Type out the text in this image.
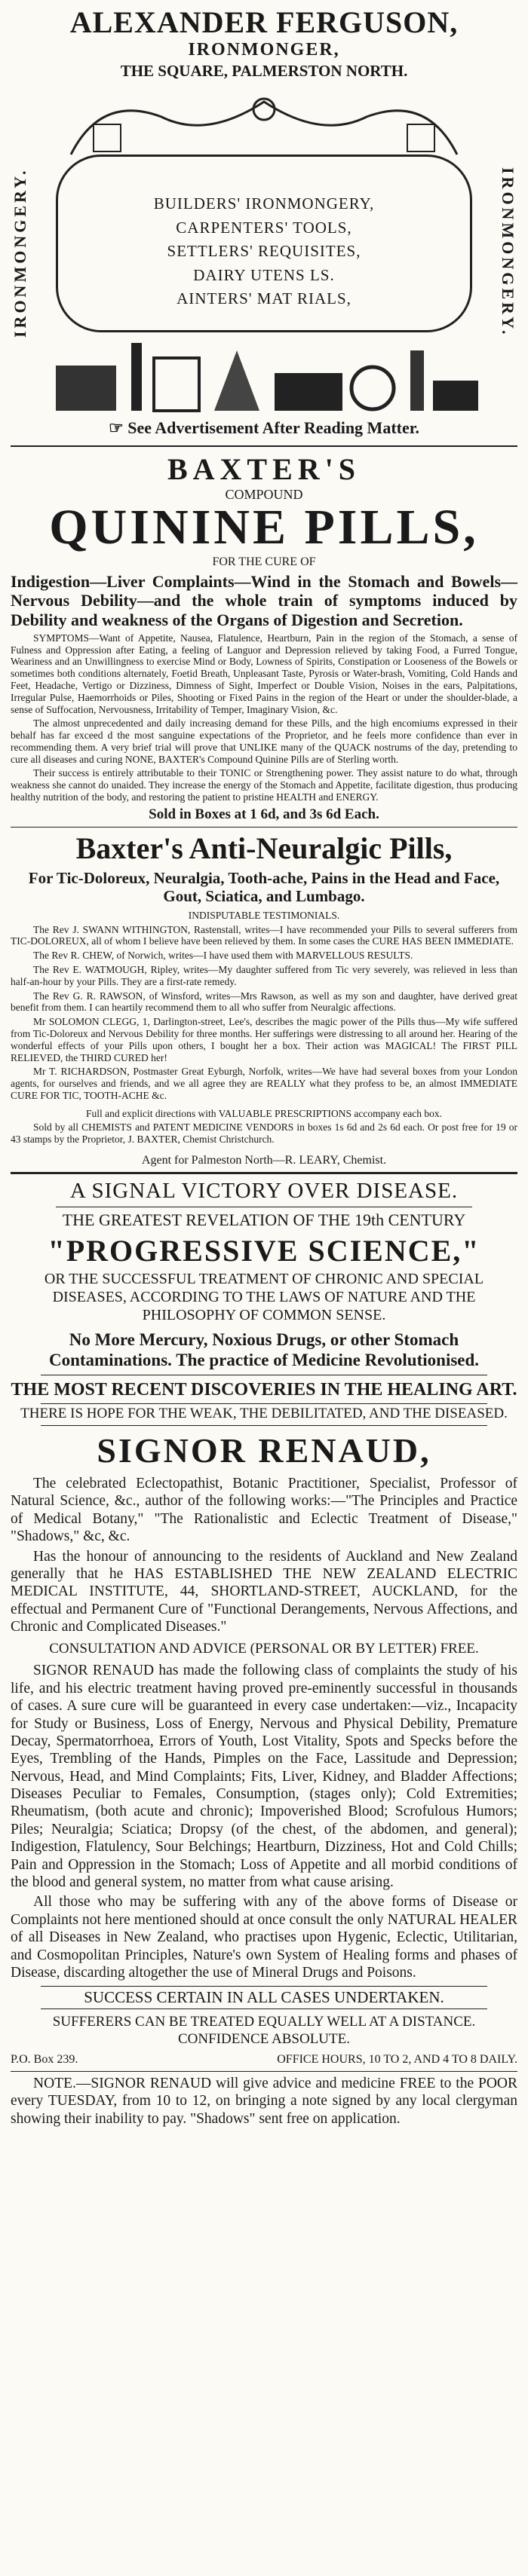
ALEXANDER FERGUSON,
IRONMONGER,
THE SQUARE, PALMERSTON NORTH.
IRONMONGERY.	IRONMONGERY.
BUILDERS' IRONMONGERY,
CARPENTERS' TOOLS,
SETTLERS' REQUISITES,
DAIRY UTENS LS.
AINTERS' MAT RIALS,
☞ See Advertisement After Reading Matter.
BAXTER'S
COMPOUND
QUININE PILLS,
FOR THE CURE OF
Indigestion—Liver Complaints—Wind in the Stomach and Bowels—Nervous Debility—and the whole train of symptoms induced by Debility and weakness of the Organs of Digestion and Secretion.

SYMPTOMS—Want of Appetite, Nausea, Flatulence, Heartburn, Pain in the region of the Stomach, a sense of Fulness and Oppression after Eating, a feeling of Languor and Depression relieved by taking Food, a Furred Tongue, Weariness and an Unwillingness to exercise Mind or Body, Lowness of Spirits, Constipation or Looseness of the Bowels or sometimes both conditions alternately, Foetid Breath, Unpleasant Taste, Pyrosis or Water-brash, Vomiting, Cold Hands and Feet, Headache, Vertigo or Dizziness, Dimness of Sight, Imperfect or Double Vision, Noises in the ears, Palpitations, Irregular Pulse, Haemorrhoids or Piles, Shooting or Fixed Pains in the region of the Heart or under the shoulder-blade, a sense of Suffocation, Nervousness, Irritability of Temper, Imaginary Vision, &c.

The almost unprecedented and daily increasing demand for these Pills, and the high encomiums expressed in their behalf has far exceed d the most sanguine expectations of the Proprietor, and he feels more confidence than ever in recommending them. A very brief trial will prove that UNLIKE many of the QUACK nostrums of the day, pretending to cure all diseases and curing NONE, BAXTER's Compound Quinine Pills are of Sterling worth.

Their success is entirely attributable to their TONIC or Strengthening power. They assist nature to do what, through weakness she cannot do unaided. They increase the energy of the Stomach and Appetite, facilitate digestion, thus producing healthy nutrition of the body, and restoring the patient to pristine HEALTH and ENERGY.

Sold in Boxes at 1 6d, and 3s 6d Each.
Baxter's Anti-Neuralgic Pills,
For Tic-Doloreux, Neuralgia, Tooth-ache, Pains in the Head and Face, Gout, Sciatica, and Lumbago.
INDISPUTABLE TESTIMONIALS.

The Rev J. SWANN WITHINGTON, Rastenstall, writes—I have recommended your Pills to several sufferers from TIC-DOLOREUX, all of whom I believe have been relieved by them. In some cases the CURE HAS BEEN IMMEDIATE.

The Rev R. CHEW, of Norwich, writes—I have used them with MARVELLOUS RESULTS.

The Rev E. WATMOUGH, Ripley, writes—My daughter suffered from Tic very severely, was relieved in less than half-an-hour by your Pills. They are a first-rate remedy.

The Rev G. R. RAWSON, of Winsford, writes—Mrs Rawson, as well as my son and daughter, have derived great benefit from them. I can heartily recommend them to all who suffer from Neuralgic affections.

Mr SOLOMON CLEGG, 1, Darlington-street, Lee's, describes the magic power of the Pills thus—My wife suffered from Tic-Doloreux and Nervous Debility for three months. Her sufferings were distressing to all around her. Hearing of the wonderful effects of your Pills upon others, I bought her a box. Their action was MAGICAL! The FIRST PILL RELIEVED, the THIRD CURED her!

Mr T. RICHARDSON, Postmaster Great Eyburgh, Norfolk, writes—We have had several boxes from your London agents, for ourselves and friends, and we all agree they are REALLY what they profess to be, an almost IMMEDIATE CURE FOR TIC, TOOTH-ACHE &c.

Full and explicit directions with VALUABLE PRESCRIPTIONS accompany each box.

Sold by all CHEMISTS and PATENT MEDICINE VENDORS in boxes 1s 6d and 2s 6d each. Or post free for 19 or 43 stamps by the Proprietor, J. BAXTER, Chemist Christchurch.

Agent for Palmeston North—R. LEARY, Chemist.

A SIGNAL VICTORY OVER DISEASE.
THE GREATEST REVELATION OF THE 19th CENTURY
"PROGRESSIVE SCIENCE,"
OR THE SUCCESSFUL TREATMENT OF CHRONIC AND SPECIAL DISEASES, ACCORDING TO THE LAWS OF NATURE AND THE PHILOSOPHY OF COMMON SENSE.
No More Mercury, Noxious Drugs, or other Stomach Contaminations. The practice of Medicine Revolutionised.
THE MOST RECENT DISCOVERIES IN THE HEALING ART.
THERE IS HOPE FOR THE WEAK, THE DEBILITATED, AND THE DISEASED.
SIGNOR RENAUD,

The celebrated Eclectopathist, Botanic Practitioner, Specialist, Professor of Natural Science, &c., author of the following works:—"The Principles and Practice of Medical Botany," "The Rationalistic and Eclectic Treatment of Disease," "Shadows," &c, &c.

Has the honour of announcing to the residents of Auckland and New Zealand generally that he HAS ESTABLISHED THE NEW ZEALAND ELECTRIC MEDICAL INSTITUTE, 44, SHORTLAND-STREET, AUCKLAND, for the effectual and Permanent Cure of "Functional Derangements, Nervous Affections, and Chronic and Complicated Diseases."

CONSULTATION AND ADVICE (PERSONAL OR BY LETTER) FREE.

SIGNOR RENAUD has made the following class of complaints the study of his life, and his electric treatment having proved pre-eminently successful in thousands of cases. A sure cure will be guaranteed in every case undertaken:—viz., Incapacity for Study or Business, Loss of Energy, Nervous and Physical Debility, Premature Decay, Spermatorrhoea, Errors of Youth, Lost Vitality, Spots and Specks before the Eyes, Trembling of the Hands, Pimples on the Face, Lassitude and Depression; Nervous, Head, and Mind Complaints; Fits, Liver, Kidney, and Bladder Affections; Diseases Peculiar to Females, Consumption, (stages only); Cold Extremities; Rheumatism, (both acute and chronic); Impoverished Blood; Scrofulous Humors; Piles; Neuralgia; Sciatica; Dropsy (of the chest, of the abdomen, and general); Indigestion, Flatulency, Sour Belchings; Heartburn, Dizziness, Hot and Cold Chills; Pain and Oppression in the Stomach; Loss of Appetite and all morbid conditions of the blood and general system, no matter from what cause arising.

All those who may be suffering with any of the above forms of Disease or Complaints not here mentioned should at once consult the only NATURAL HEALER of all Diseases in New Zealand, who practises upon Hygenic, Eclectic, Utilitarian, and Cosmopolitan Principles, Nature's own System of Healing forms and phases of Disease, discarding altogether the use of Mineral Drugs and Poisons.

SUCCESS CERTAIN IN ALL CASES UNDERTAKEN.
SUFFERERS CAN BE TREATED EQUALLY WELL AT A DISTANCE. CONFIDENCE ABSOLUTE.
P.O. Box 239.	OFFICE HOURS, 10 TO 2, AND 4 TO 8 DAILY.

NOTE.—SIGNOR RENAUD will give advice and medicine FREE to the POOR every TUESDAY, from 10 to 12, on bringing a note signed by any local clergyman showing their inability to pay. "Shadows" sent free on application.
